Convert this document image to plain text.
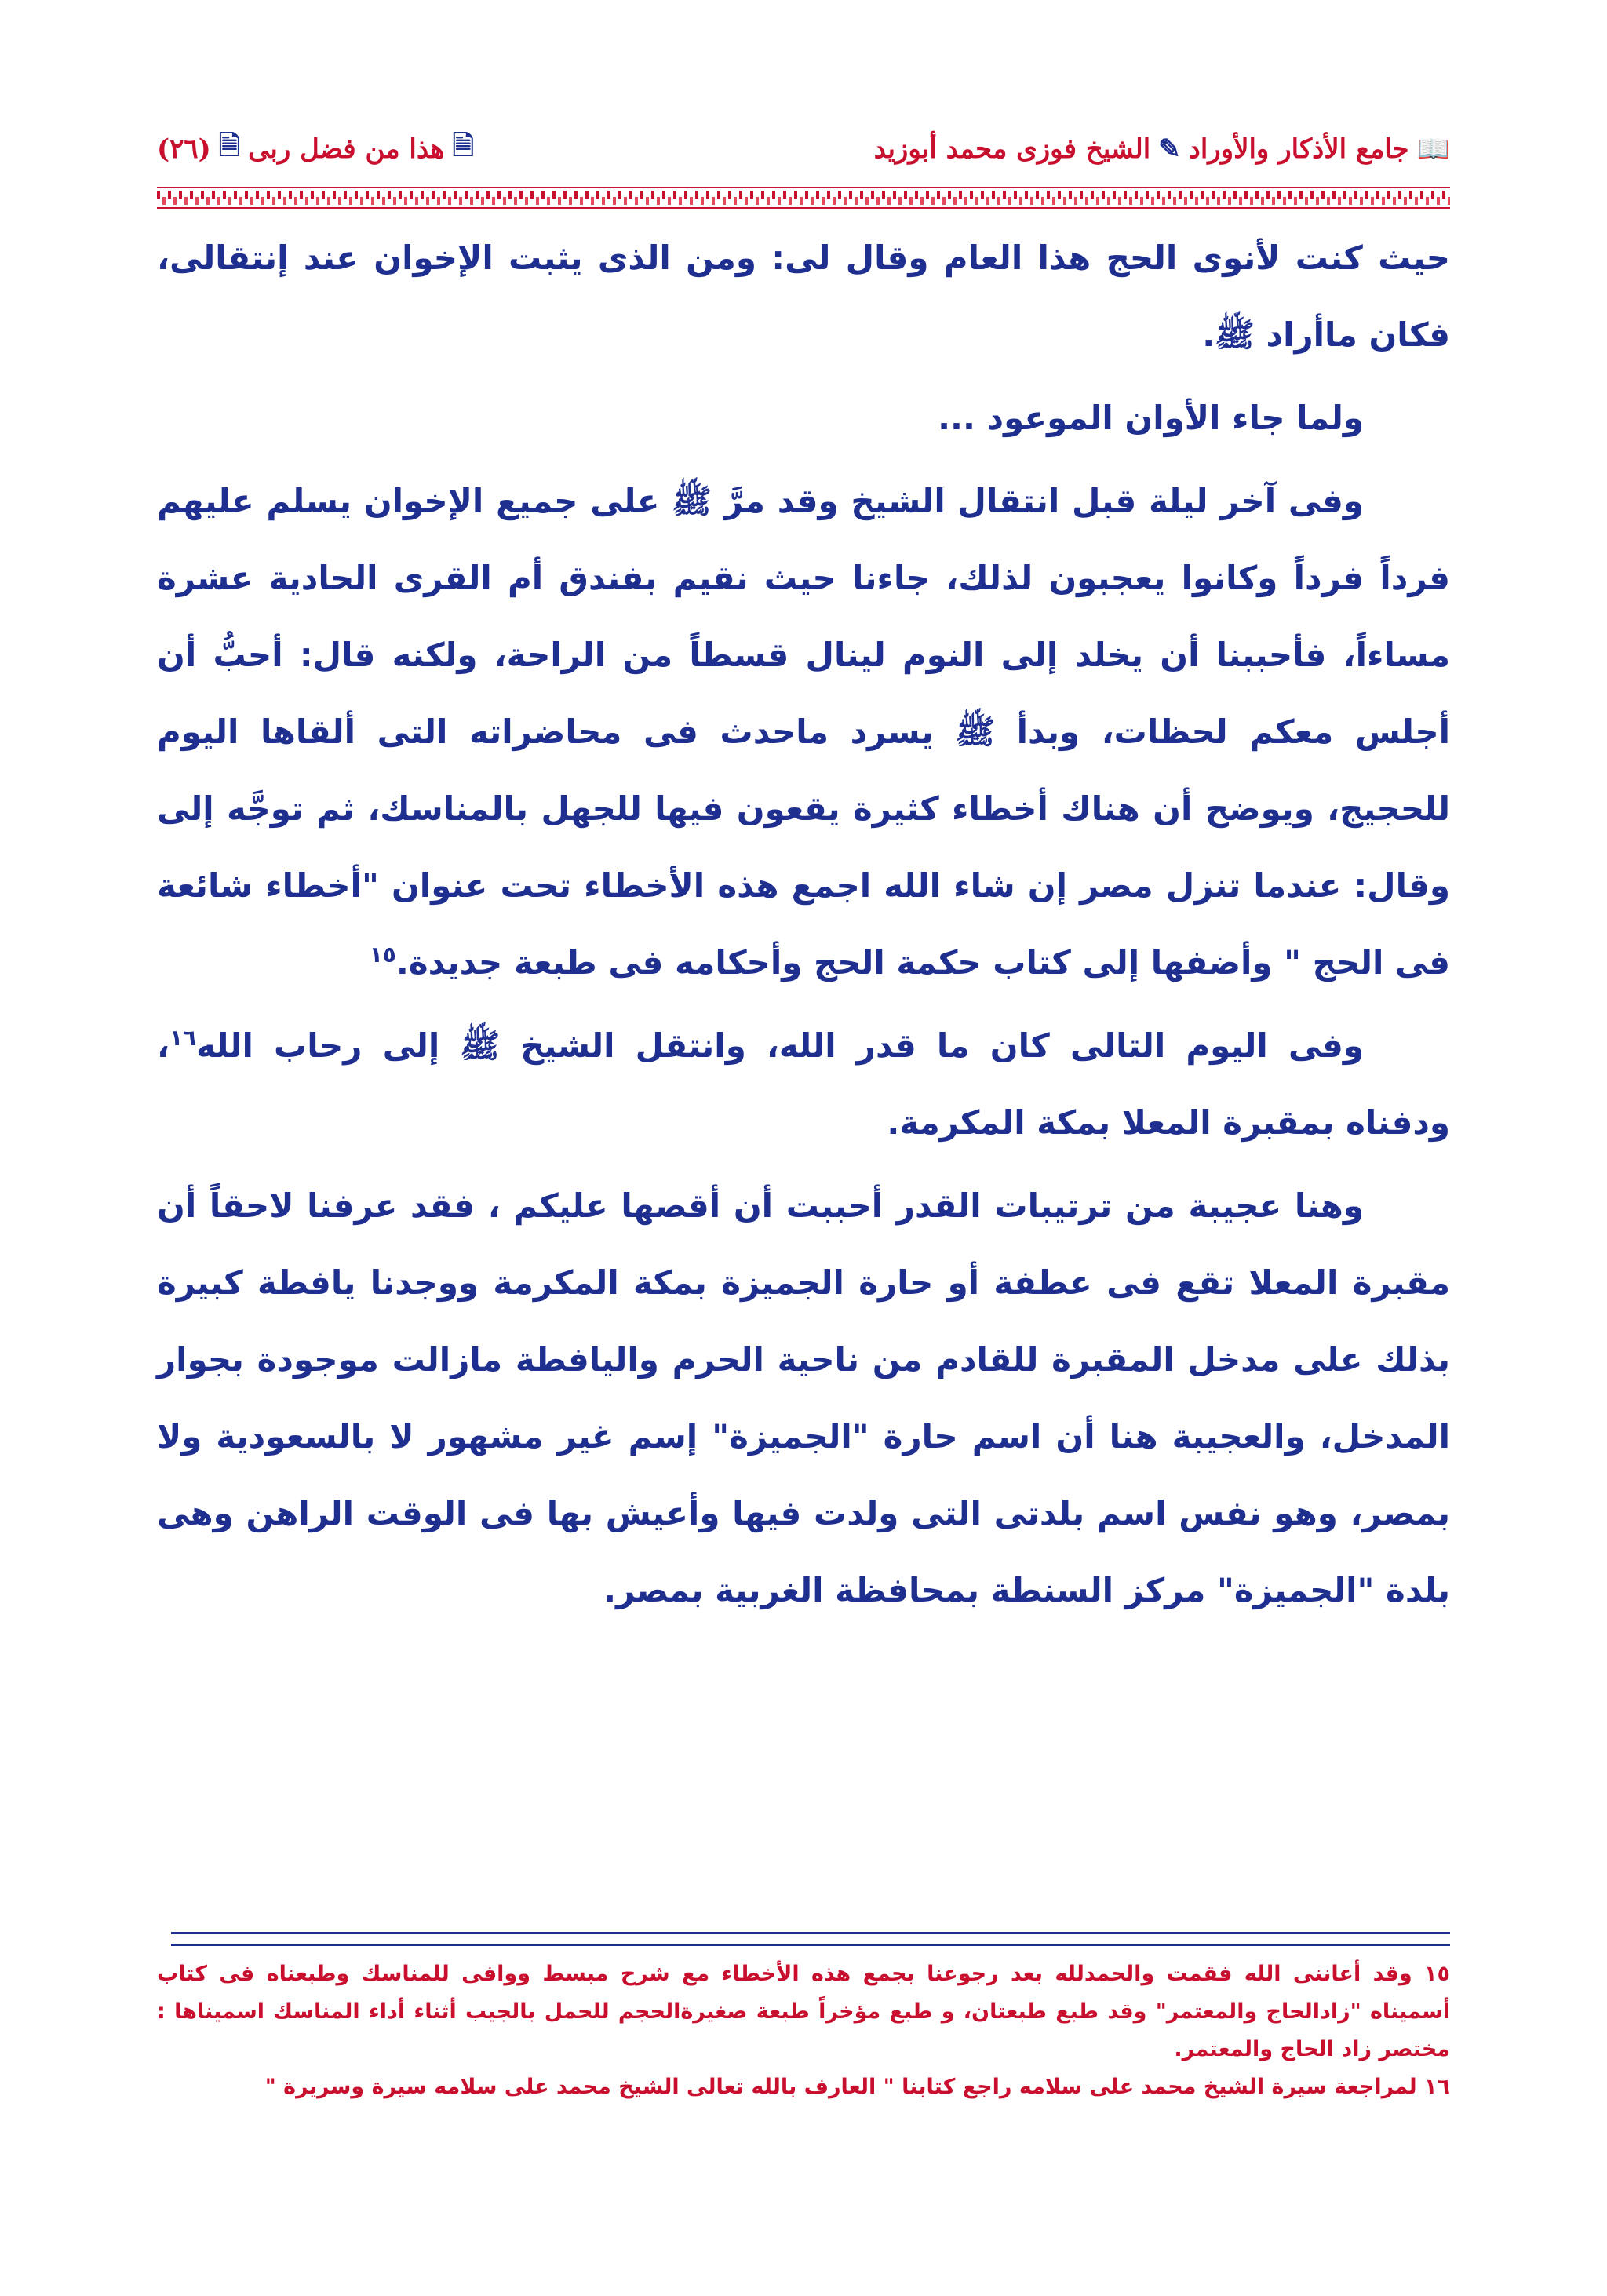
📖
جامع الأذكار والأوراد
✎
الشيخ فوزى محمد أبوزيد
🗎
هذا من فضل ربى
🗎
(٢٦)

حيث كنت لأنوى الحج هذا العام وقال لى: ومن الذى يثبت الإخوان عند إنتقالى، فكان ماأراد ﷺ.

ولما جاء الأوان الموعود ...

وفى آخر ليلة قبل انتقال الشيخ وقد مرَّ ﷺ على جميع الإخوان يسلم عليهم فرداً فرداً وكانوا يعجبون لذلك، جاءنا حيث نقيم بفندق أم القرى الحادية عشرة مساءاً، فأحببنا أن يخلد إلى النوم لينال قسطاً من الراحة، ولكنه قال: أحبُّ أن أجلس معكم لحظات، وبدأ ﷺ يسرد ماحدث فى محاضراته التى ألقاها اليوم للحجيج، ويوضح أن هناك أخطاء كثيرة يقعون فيها للجهل بالمناسك، ثم توجَّه إلى وقال: عندما تنزل مصر إن شاء الله اجمع هذه الأخطاء تحت عنوان "أخطاء شائعة فى الحج " وأضفها إلى كتاب حكمة الحج وأحكامه فى طبعة جديدة.$^{١٥}$

وفى اليوم التالى كان ما قدر الله، وانتقل الشيخ ﷺ إلى رحاب الله$^{١٦}$، ودفناه بمقبرة المعلا بمكة المكرمة.

وهنا عجيبة من ترتيبات القدر أحببت أن أقصها عليكم ، فقد عرفنا لاحقاً أن مقبرة المعلا تقع فى عطفة أو حارة الجميزة بمكة المكرمة ووجدنا يافطة كبيرة بذلك على مدخل المقبرة للقادم من ناحية الحرم واليافطة مازالت موجودة بجوار المدخل، والعجيبة هنا أن اسم حارة "الجميزة" إسم غير مشهور لا بالسعودية ولا بمصر، وهو نفس اسم بلدتى التى ولدت فيها وأعيش بها فى الوقت الراهن وهى بلدة "الجميزة" مركز السنطة بمحافظة الغربية بمصر.

١٥ وقد أعاننى الله فقمت والحمدلله بعد رجوعنا بجمع هذه الأخطاء مع شرح مبسط ووافى للمناسك وطبعناه فى كتاب أسميناه "زادالحاج والمعتمر" وقد طبع طبعتان، و طبع مؤخراً طبعة صغيرةالحجم للحمل بالجيب أثناء أداء المناسك اسميناها : مختصر زاد الحاج والمعتمر.

١٦ لمراجعة سيرة الشيخ محمد على سلامه راجع كتابنا " العارف بالله تعالى الشيخ محمد على سلامه سيرة وسريرة "
